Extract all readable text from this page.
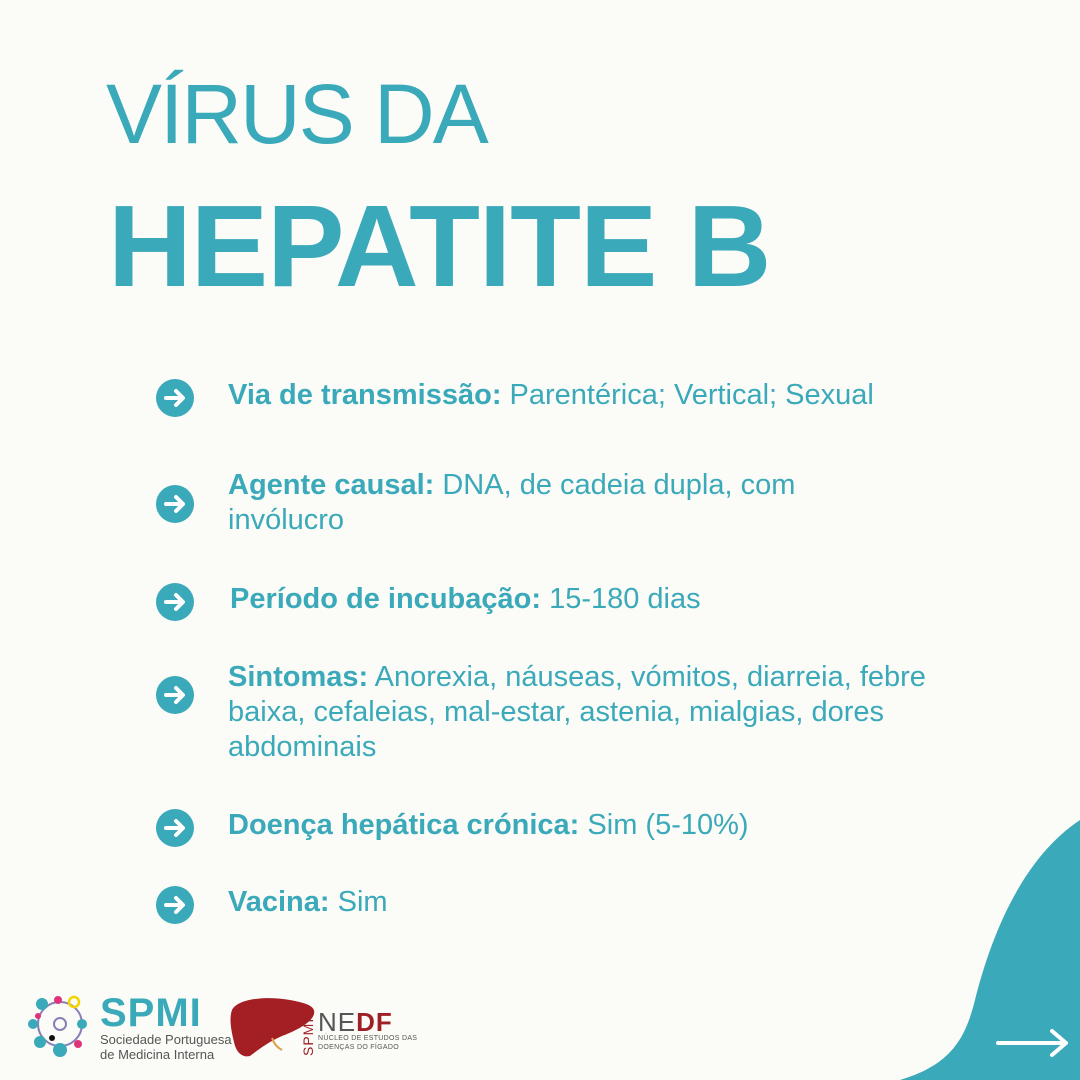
VÍRUS DA
HEPATITE B
Via de transmissão: Parentérica; Vertical; Sexual
Agente causal: DNA, de cadeia dupla, com invólucro
Período de incubação: 15-180 dias
Sintomas: Anorexia, náuseas, vómitos, diarreia, febre baixa, cefaleias, mal-estar, astenia, mialgias, dores abdominais
Doença hepática crónica: Sim (5-10%)
Vacina: Sim
SPMI
Sociedade Portuguesa
de Medicina Interna	SPMI NEDF
NÚCLEO DE ESTUDOS DAS DOENÇAS DO FÍGADO
